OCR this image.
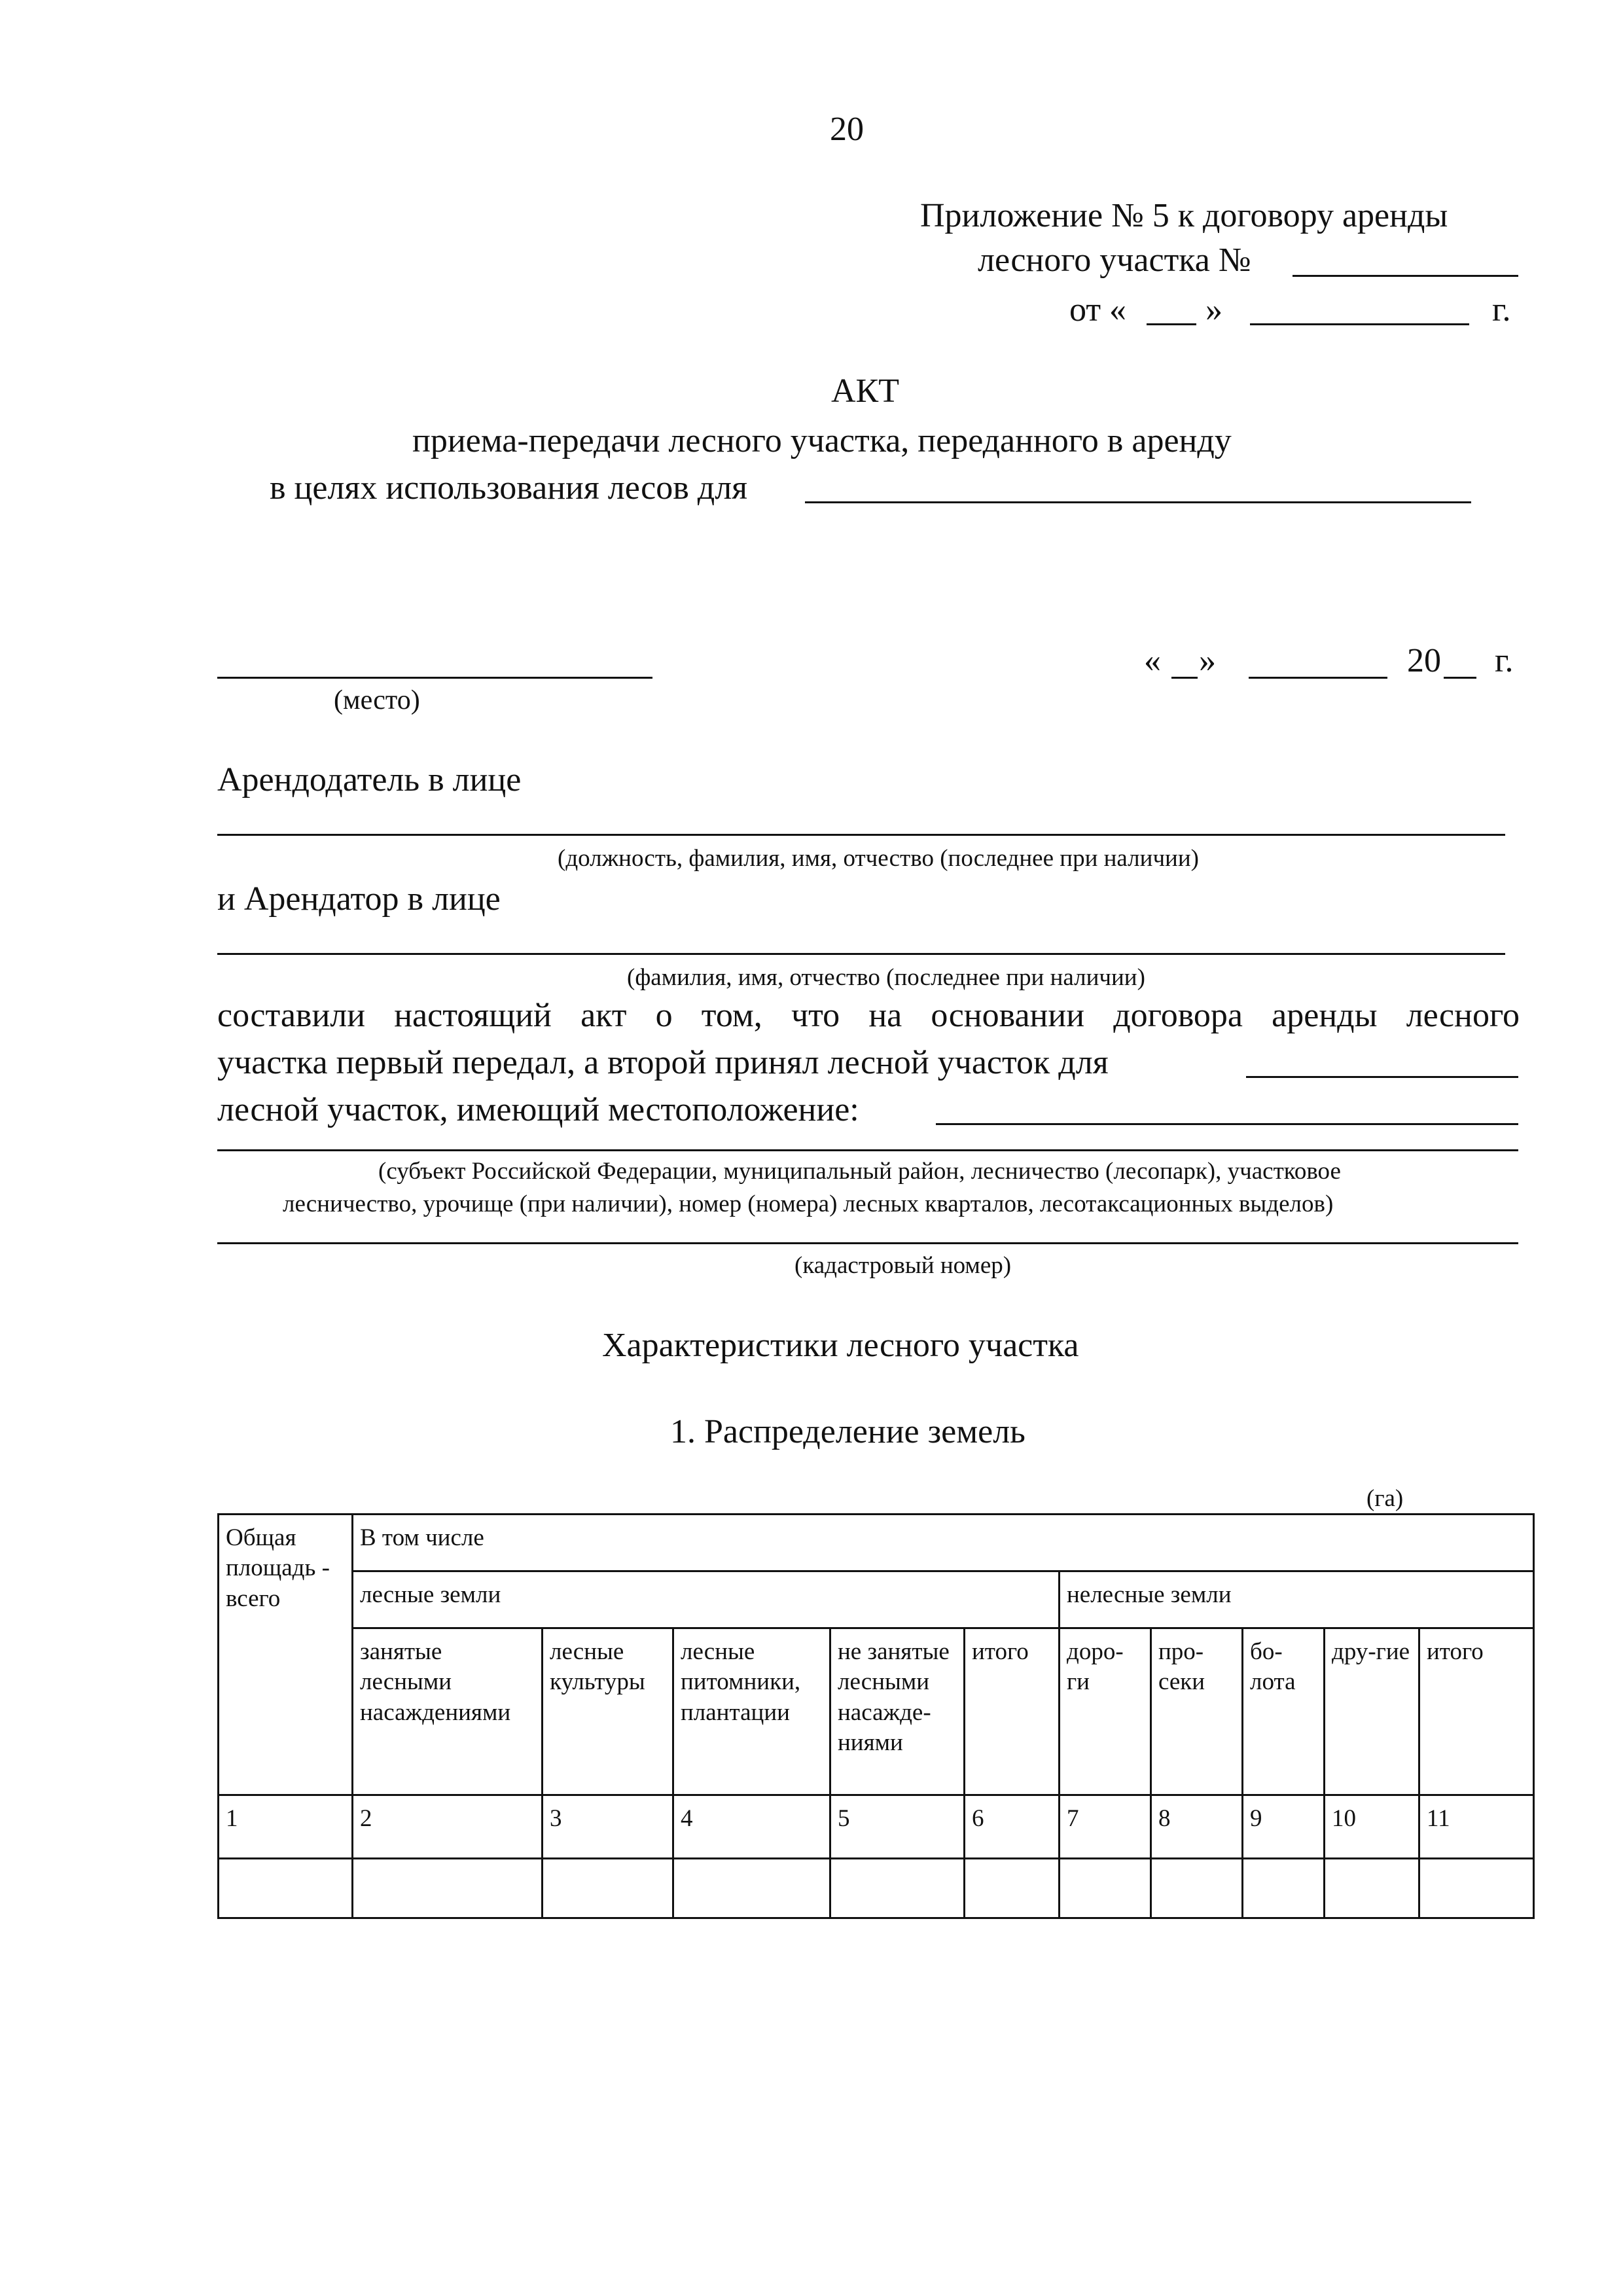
20
Приложение № 5 к договору аренды
лесного участка №
от « »	г.
АКТ
приема-передачи лесного участка, переданного в аренду
в целях использования лесов для
(место)
« »	20 г.
Арендодатель в лице
(должность, фамилия, имя, отчество (последнее при наличии)
и Арендатор в лице
(фамилия, имя, отчество (последнее при наличии)
составили настоящий акт о том, что на основании договора аренды лесного
участка первый передал, а второй принял лесной участок для
лесной участок, имеющий местоположение:
(субъект Российской Федерации, муниципальный район, лесничество (лесопарк), участковое
лесничество, урочище (при наличии), номер (номера) лесных кварталов, лесотаксационных выделов)
(кадастровый номер)
Характеристики лесного участка
1. Распределение земель
(га)
Общая площадь - всего	В том числе									
	лесные земли					нелесные земли				
	занятые лесными насаждениями	лесные культуры	лесные питомники, плантации	не занятые лесными насажде-ниями	итого	доро-ги	про-секи	бо-лота	дру-гие	итого
1	2	3	4	5	6	7	8	9	10	11
